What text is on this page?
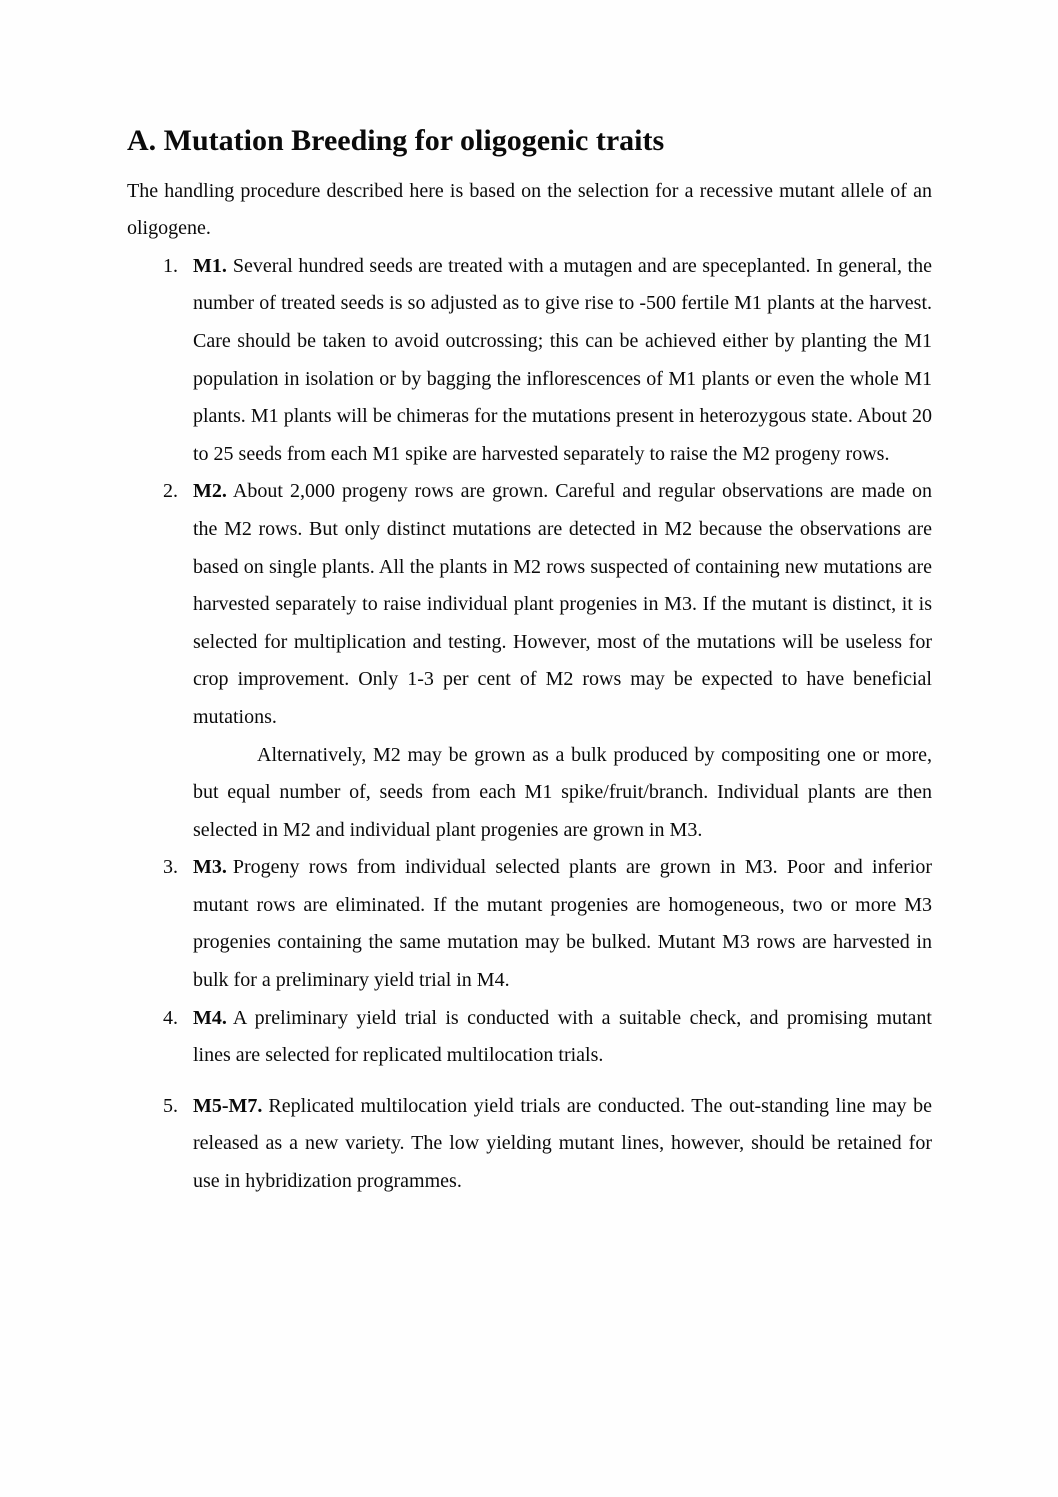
A. Mutation Breeding for oligogenic traits

The handling procedure described here is based on the selection for a recessive mutant allele of an oligogene.

1. M1. Several hundred seeds are treated with a mutagen and are speceplanted. In general, the number of treated seeds is so adjusted as to give rise to -500 fertile M1 plants at the harvest. Care should be taken to avoid outcrossing; this can be achieved either by planting the M1 population in isolation or by bagging the inflorescences of M1 plants or even the whole M1 plants. M1 plants will be chimeras for the mutations present in heterozygous state. About 20 to 25 seeds from each M1 spike are harvested separately to raise the M2 progeny rows.
2. M2. About 2,000 progeny rows are grown. Careful and regular observations are made on the M2 rows. But only distinct mutations are detected in M2 because the observations are based on single plants. All the plants in M2 rows suspected of containing new mutations are harvested separately to raise individual plant progenies in M3. If the mutant is distinct, it is selected for multiplication and testing. However, most of the mutations will be useless for crop improvement. Only 1-3 per cent of M2 rows may be expected to have beneficial mutations.

Alternatively, M2 may be grown as a bulk produced by compositing one or more, but equal number of, seeds from each M1 spike/fruit/branch. Individual plants are then selected in M2 and individual plant progenies are grown in M3.

3. M3. Progeny rows from individual selected plants are grown in M3. Poor and inferior mutant rows are eliminated. If the mutant progenies are homogeneous, two or more M3 progenies containing the same mutation may be bulked. Mutant M3 rows are harvested in bulk for a preliminary yield trial in M4.
4. M4. A preliminary yield trial is conducted with a suitable check, and promising mutant lines are selected for replicated multilocation trials.
5. M5-M7. Replicated multilocation yield trials are conducted. The out-standing line may be released as a new variety. The low yielding mutant lines, however, should be retained for use in hybridization programmes.
